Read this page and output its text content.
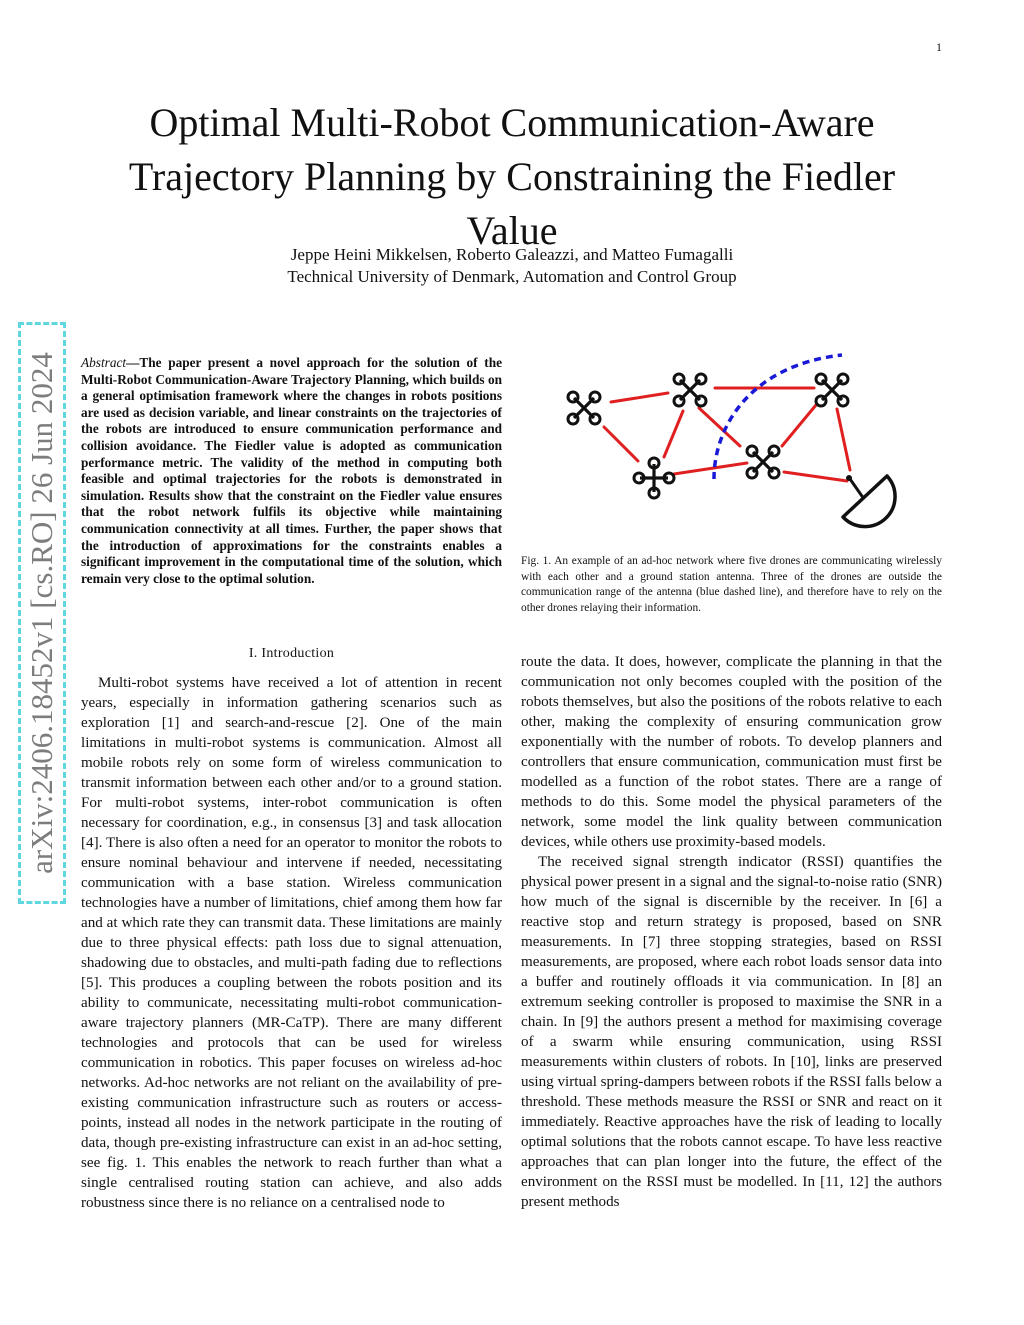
1
arXiv:2406.18452v1 [cs.RO] 26 Jun 2024
Optimal Multi-Robot Communication-Aware Trajectory Planning by Constraining the Fiedler Value
Jeppe Heini Mikkelsen, Roberto Galeazzi, and Matteo Fumagalli
Technical University of Denmark, Automation and Control Group

Abstract—The paper present a novel approach for the solution of the Multi-Robot Communication-Aware Trajectory Planning, which builds on a general optimisation framework where the changes in robots positions are used as decision variable, and linear constraints on the trajectories of the robots are introduced to ensure communication performance and collision avoidance. The Fiedler value is adopted as communication performance metric. The validity of the method in computing both feasible and optimal trajectories for the robots is demonstrated in simulation. Results show that the constraint on the Fiedler value ensures that the robot network fulfils its objective while maintaining communication connectivity at all times. Further, the paper shows that the introduction of approximations for the constraints enables a significant improvement in the computational time of the solution, which remain very close to the optimal solution.

Fig. 1. An example of an ad-hoc network where five drones are communicating wirelessly with each other and a ground station antenna. Three of the drones are outside the communication range of the antenna (blue dashed line), and therefore have to rely on the other drones relaying their information.

I. Introduction

Multi-robot systems have received a lot of attention in recent years, especially in information gathering scenarios such as exploration [1] and search-and-rescue [2]. One of the main limitations in multi-robot systems is communication. Almost all mobile robots rely on some form of wireless communication to transmit information between each other and/or to a ground station. For multi-robot systems, inter-robot communication is often necessary for coordination, e.g., in consensus [3] and task allocation [4]. There is also often a need for an operator to monitor the robots to ensure nominal behaviour and intervene if needed, necessitating communication with a base station. Wireless communication technologies have a number of limitations, chief among them how far and at which rate they can transmit data. These limitations are mainly due to three physical effects: path loss due to signal attenuation, shadowing due to obstacles, and multi-path fading due to reflections [5]. This produces a coupling between the robots position and its ability to communicate, necessitating multi-robot communication-aware trajectory planners (MR-CaTP). There are many different technologies and protocols that can be used for wireless communication in robotics. This paper focuses on wireless ad-hoc networks. Ad-hoc networks are not reliant on the availability of pre-existing communication infrastructure such as routers or access-points, instead all nodes in the network participate in the routing of data, though pre-existing infrastructure can exist in an ad-hoc setting, see fig. 1. This enables the network to reach further than what a single centralised routing station can achieve, and also adds robustness since there is no reliance on a centralised node to

route the data. It does, however, complicate the planning in that the communication not only becomes coupled with the position of the robots themselves, but also the positions of the robots relative to each other, making the complexity of ensuring communication grow exponentially with the number of robots. To develop planners and controllers that ensure communication, communication must first be modelled as a function of the robot states. There are a range of methods to do this. Some model the physical parameters of the network, some model the link quality between communication devices, while others use proximity-based models.

The received signal strength indicator (RSSI) quantifies the physical power present in a signal and the signal-to-noise ratio (SNR) how much of the signal is discernible by the receiver. In [6] a reactive stop and return strategy is proposed, based on SNR measurements. In [7] three stopping strategies, based on RSSI measurements, are proposed, where each robot loads sensor data into a buffer and routinely offloads it via communication. In [8] an extremum seeking controller is proposed to maximise the SNR in a chain. In [9] the authors present a method for maximising coverage of a swarm while ensuring communication, using RSSI measurements within clusters of robots. In [10], links are preserved using virtual spring-dampers between robots if the RSSI falls below a threshold. These methods measure the RSSI or SNR and react on it immediately. Reactive approaches have the risk of leading to locally optimal solutions that the robots cannot escape. To have less reactive approaches that can plan longer into the future, the effect of the environment on the RSSI must be modelled. In [11, 12] the authors present methods
